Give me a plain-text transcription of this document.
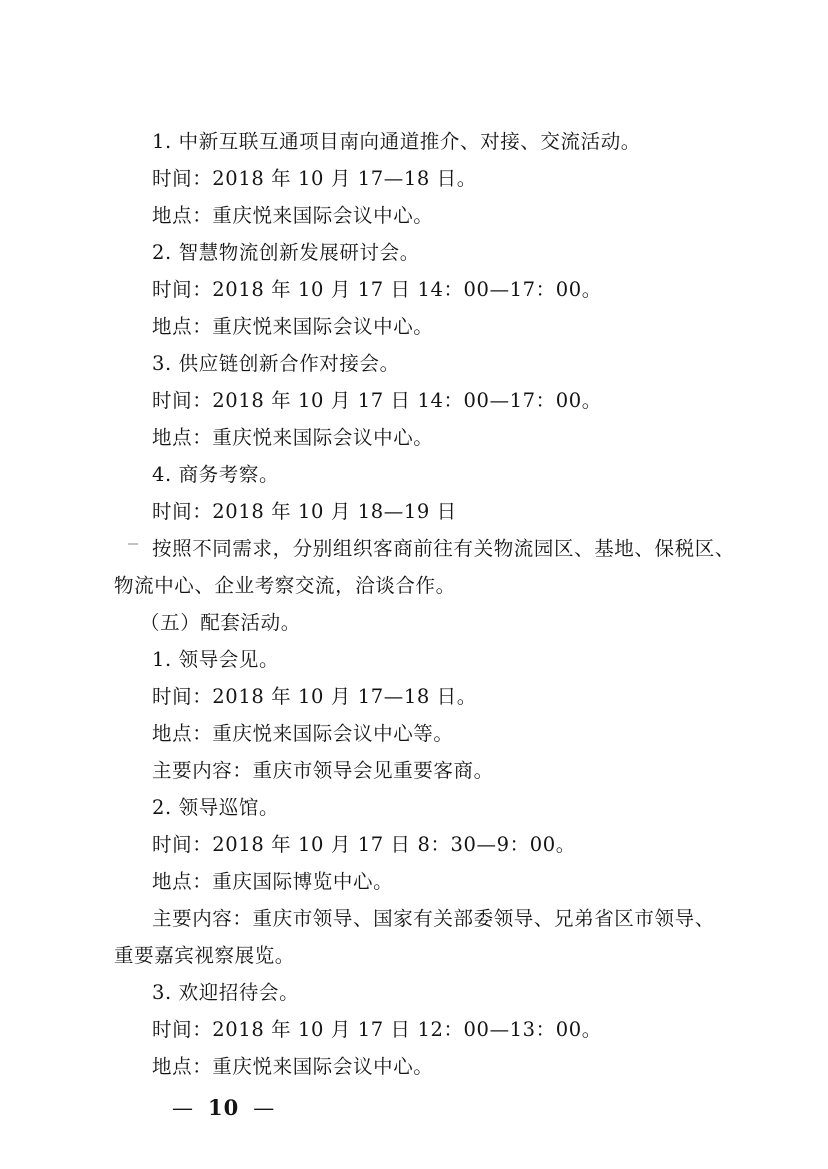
1. 中新互联互通项目南向通道推介、对接、交流活动。
时间：2018 年 10 月 17—18 日。
地点：重庆悦来国际会议中心。
2. 智慧物流创新发展研讨会。
时间：2018 年 10 月 17 日 14：00—17：00。
地点：重庆悦来国际会议中心。
3. 供应链创新合作对接会。
时间：2018 年 10 月 17 日 14：00—17：00。
地点：重庆悦来国际会议中心。
4. 商务考察。
时间：2018 年 10 月 18—19 日
按照不同需求，分别组织客商前往有关物流园区、基地、保税区、
物流中心、企业考察交流，洽谈合作。
（五）配套活动。
1. 领导会见。
时间：2018 年 10 月 17—18 日。
地点：重庆悦来国际会议中心等。
主要内容：重庆市领导会见重要客商。
2. 领导巡馆。
时间：2018 年 10 月 17 日 8：30—9：00。
地点：重庆国际博览中心。
主要内容：重庆市领导、国家有关部委领导、兄弟省区市领导、
重要嘉宾视察展览。
3. 欢迎招待会。
时间：2018 年 10 月 17 日 12：00—13：00。
地点：重庆悦来国际会议中心。
— 10 —
